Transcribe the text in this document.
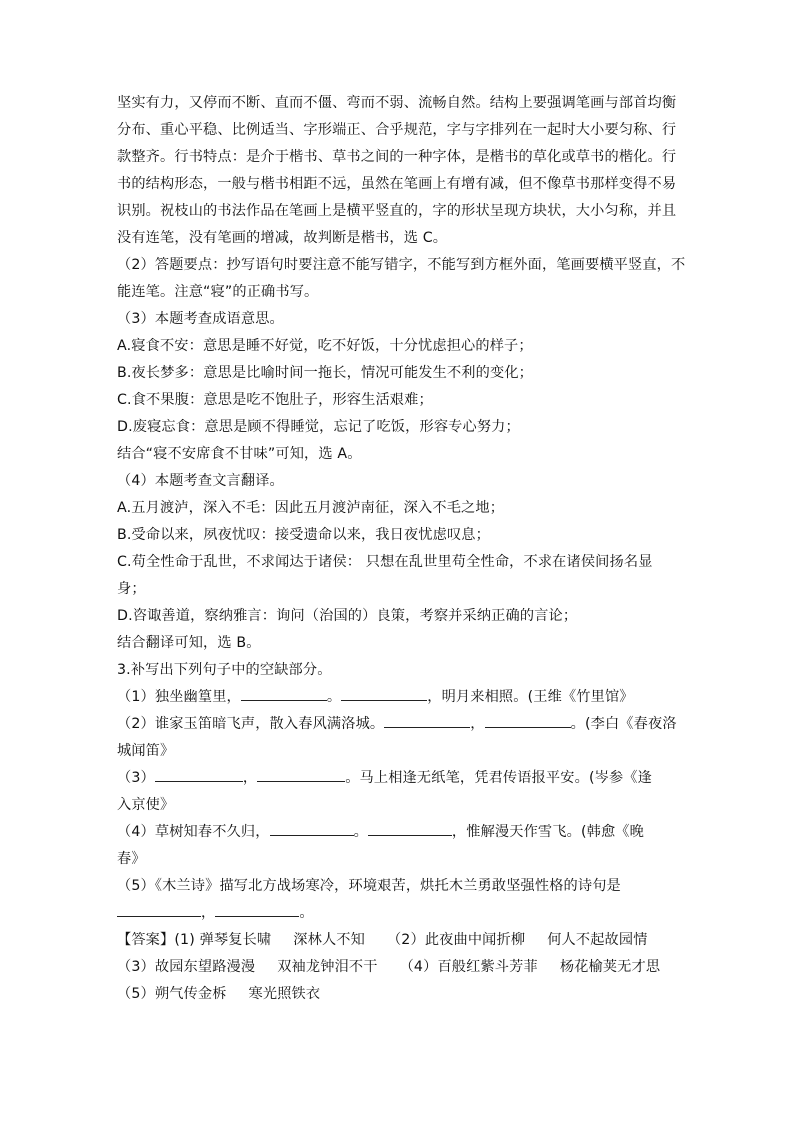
坚实有力，又停而不断、直而不僵、弯而不弱、流畅自然。结构上要强调笔画与部首均衡
分布、重心平稳、比例适当、字形端正、合乎规范，字与字排列在一起时大小要匀称、行
款整齐。行书特点：是介于楷书、草书之间的一种字体，是楷书的草化或草书的楷化。行
书的结构形态，一般与楷书相距不远，虽然在笔画上有增有减，但不像草书那样变得不易
识别。祝枝山的书法作品在笔画上是横平竖直的，字的形状呈现方块状，大小匀称，并且
没有连笔，没有笔画的增减，故判断是楷书，选 C。
（2）答题要点：抄写语句时要注意不能写错字，不能写到方框外面，笔画要横平竖直，不
能连笔。注意“寝”的正确书写。
（3）本题考查成语意思。
A.寝食不安：意思是睡不好觉，吃不好饭，十分忧虑担心的样子；
B.夜长梦多：意思是比喻时间一拖长，情况可能发生不利的变化；
C.食不果腹：意思是吃不饱肚子，形容生活艰难；
D.废寝忘食：意思是顾不得睡觉，忘记了吃饭，形容专心努力；
结合“寝不安席食不甘味”可知，选 A。
（4）本题考查文言翻译。
A.五月渡泸，深入不毛：因此五月渡泸南征，深入不毛之地；
B.受命以来，夙夜忧叹：接受遗命以来，我日夜忧虑叹息；
C.苟全性命于乱世，不求闻达于诸侯： 只想在乱世里苟全性命，不求在诸侯间扬名显
身；
D.咨诹善道，察纳雅言：询问（治国的）良策，考察并采纳正确的言论；
结合翻译可知，选 B。
3.补写出下列句子中的空缺部分。
（1）独坐幽篁里，	。	，明月来相照。(王维《竹里馆》
（2）谁家玉笛暗飞声，散入春风满洛城。	，	。(李白《春夜洛
城闻笛》
（3）	，	。马上相逢无纸笔，凭君传语报平安。(岑参《逢
入京使》
（4）草树知春不久归，	。	，惟解漫天作雪飞。(韩愈《晚
春》
（5）《木兰诗》描写北方战场寒冷，环境艰苦，烘托木兰勇敢坚强性格的诗句是
，	。
【答案】(1) 弹琴复长啸 深林人不知 （2）此夜曲中闻折柳 何人不起故园情
（3）故园东望路漫漫 双袖龙钟泪不干 （4）百般红紫斗芳菲 杨花榆荚无才思
（5）朔气传金柝 寒光照铁衣
